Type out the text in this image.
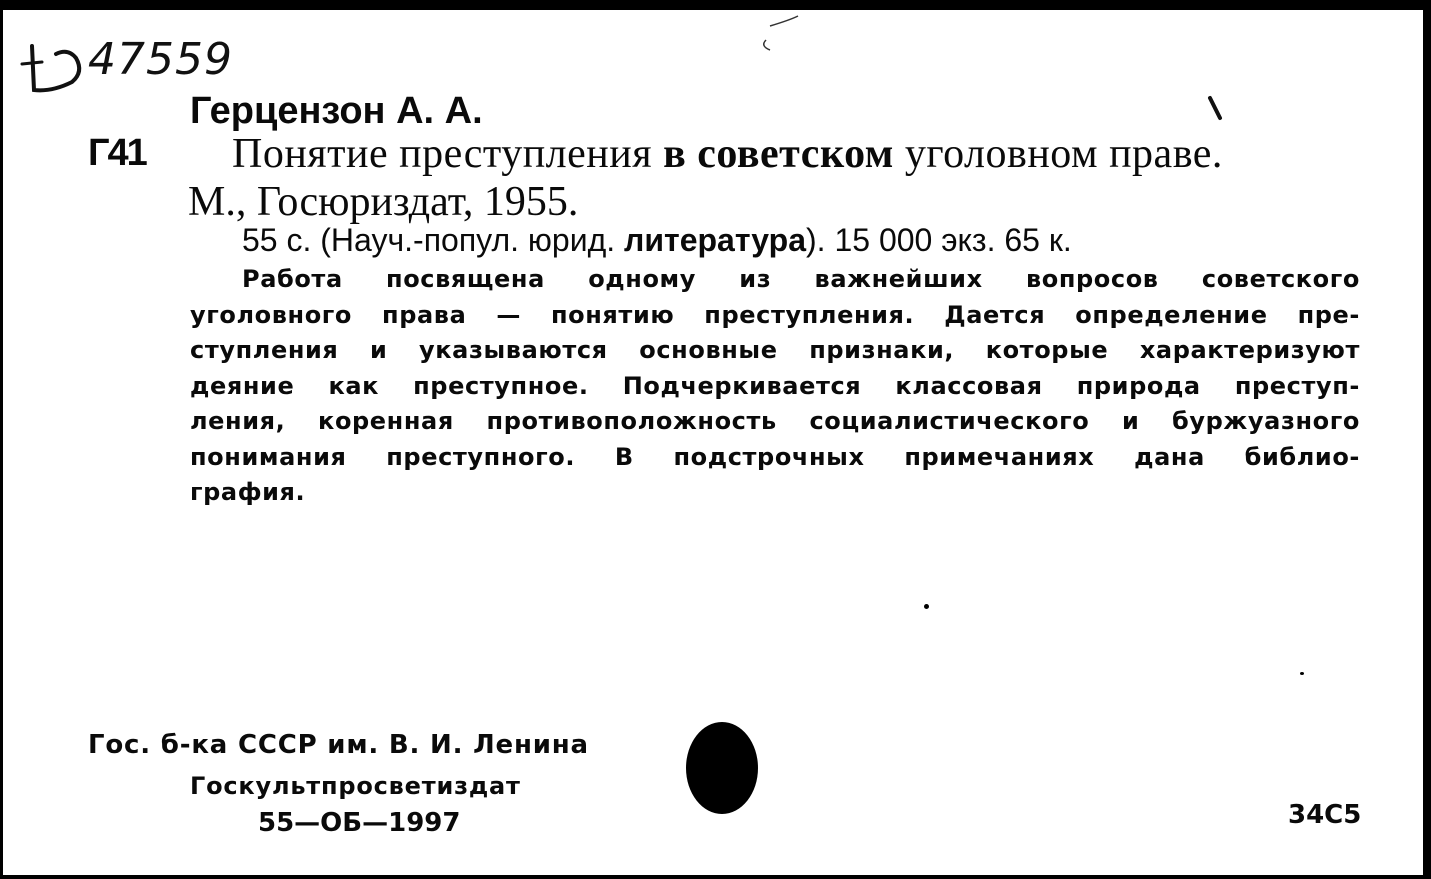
47559
Герцензон А. А.
Г41 Понятие преступления в советском уголовном праве.
М., Госюриздат, 1955.
55 с. (Науч.-попул. юрид. литература). 15 000 экз. 65 к.
Работа посвящена одному из важнейших вопросов советского
уголовного права — понятию преступления. Дается определение пре-
ступления и указываются основные признаки, которые характеризуют
деяние как преступное. Подчеркивается классовая природа преступ-
ления, коренная противоположность социалистического и буржуазного
понимания преступного. В подстрочных примечаниях дана библио-
графия.
Гос. б-ка СССР им. В. И. Ленина
Госкультпросветиздат
55—ОБ—1997	34С5
